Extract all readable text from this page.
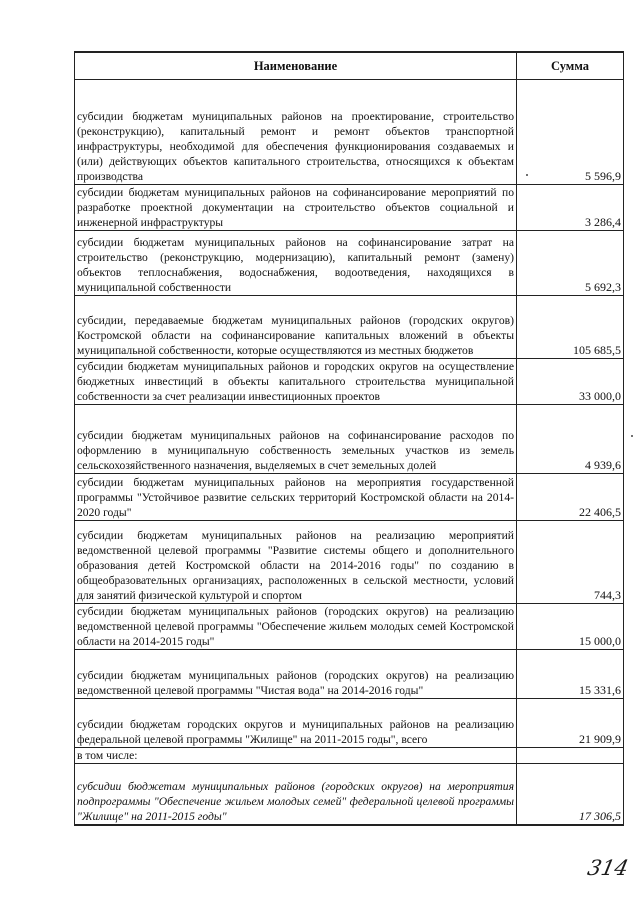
Наименование	Сумма
субсидии бюджетам муниципальных районов на проектирование, строительство (реконструкцию), капитальный ремонт и ремонт объектов транспортной инфраструктуры, необходимой для обеспечения функционирования создаваемых и (или) действующих объектов капитального строительства, относящихся к объектам производства	5 596,9
субсидии бюджетам муниципальных районов на софинансирование мероприятий по разработке проектной документации на строительство объектов социальной и инженерной инфраструктуры	3 286,4
субсидии бюджетам муниципальных районов на софинансирование затрат на строительство (реконструкцию, модернизацию), капитальный ремонт (замену) объектов теплоснабжения, водоснабжения, водоотведения, находящихся в муниципальной собственности	5 692,3
субсидии, передаваемые бюджетам муниципальных районов (городских округов) Костромской области на софинансирование капитальных вложений в объекты муниципальной собственности, которые осуществляются из местных бюджетов	105 685,5
субсидии бюджетам муниципальных районов и городских округов на осуществление бюджетных инвестиций в объекты капитального строительства муниципальной собственности за счет реализации инвестиционных проектов	33 000,0
субсидии бюджетам муниципальных районов на софинансирование расходов по оформлению в муниципальную собственность земельных участков из земель сельскохозяйственного назначения, выделяемых в счет земельных долей	4 939,6
субсидии бюджетам муниципальных районов на мероприятия государственной программы "Устойчивое развитие сельских территорий Костромской области на 2014-2020 годы"	22 406,5
субсидии бюджетам муниципальных районов на реализацию мероприятий ведомственной целевой программы "Развитие системы общего и дополнительного образования детей Костромской области на 2014-2016 годы" по созданию в общеобразовательных организациях, расположенных в сельской местности, условий для занятий физической культурой и спортом	744,3
субсидии бюджетам муниципальных районов (городских округов) на реализацию ведомственной целевой программы "Обеспечение жильем молодых семей Костромской области на 2014-2015 годы"	15 000,0
субсидии бюджетам муниципальных районов (городских округов) на реализацию ведомственной целевой программы "Чистая вода" на 2014-2016 годы"	15 331,6
субсидии бюджетам городских округов и муниципальных районов на реализацию федеральной целевой программы "Жилище" на 2011-2015 годы", всего	21 909,9
в том числе:	
субсидии бюджетам муниципальных районов (городских округов) на мероприятия подпрограммы "Обеспечение жильем молодых семей" федеральной целевой программы "Жилище" на 2011-2015 годы"	17 306,5
314
